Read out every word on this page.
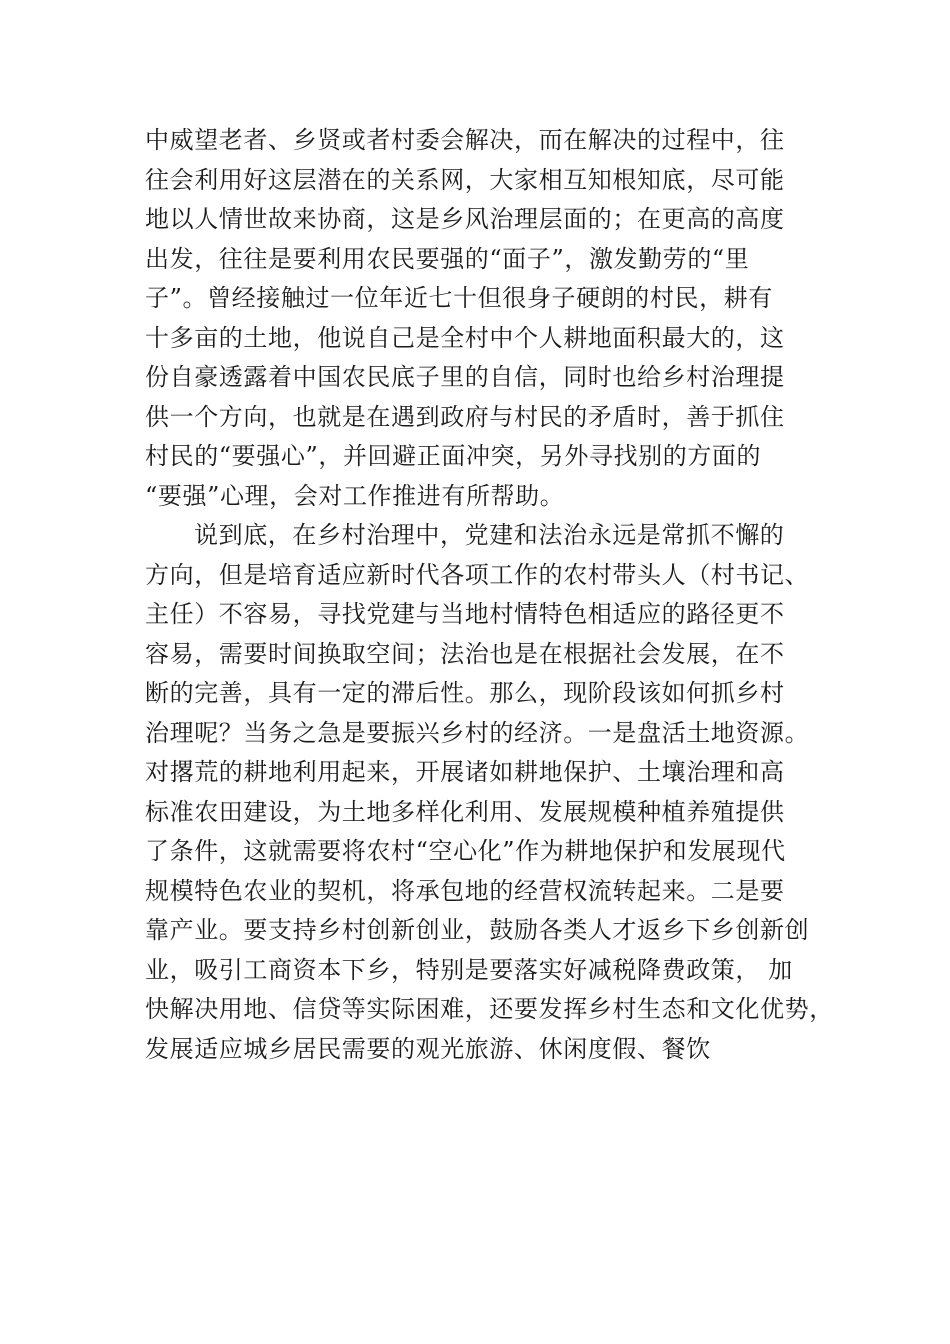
中威望老者、乡贤或者村委会解决，而在解决的过程中，往
往会利用好这层潜在的关系网，大家相互知根知底，尽可能
地以人情世故来协商，这是乡风治理层面的；在更高的高度
出发，往往是要利用农民要强的“面子”，激发勤劳的“里
子”。曾经接触过一位年近七十但很身子硬朗的村民，耕有
十多亩的土地，他说自己是全村中个人耕地面积最大的，这
份自豪透露着中国农民底子里的自信，同时也给乡村治理提
供一个方向，也就是在遇到政府与村民的矛盾时，善于抓住
村民的“要强心”，并回避正面冲突，另外寻找别的方面的
“要强”心理，会对工作推进有所帮助。
说到底，在乡村治理中，党建和法治永远是常抓不懈的
方向，但是培育适应新时代各项工作的农村带头人（村书记、
主任）不容易，寻找党建与当地村情特色相适应的路径更不
容易，需要时间换取空间；法治也是在根据社会发展，在不
断的完善，具有一定的滞后性。那么，现阶段该如何抓乡村
治理呢？当务之急是要振兴乡村的经济。一是盘活土地资源。
对撂荒的耕地利用起来，开展诸如耕地保护、土壤治理和高
标准农田建设，为土地多样化利用、发展规模种植养殖提供
了条件，这就需要将农村“空心化”作为耕地保护和发展现代
规模特色农业的契机，将承包地的经营权流转起来。二是要
靠产业。要支持乡村创新创业，鼓励各类人才返乡下乡创新创
业，吸引工商资本下乡，特别是要落实好减税降费政策， 加
快解决用地、信贷等实际困难，还要发挥乡村生态和文化优势，
发展适应城乡居民需要的观光旅游、休闲度假、餐饮
